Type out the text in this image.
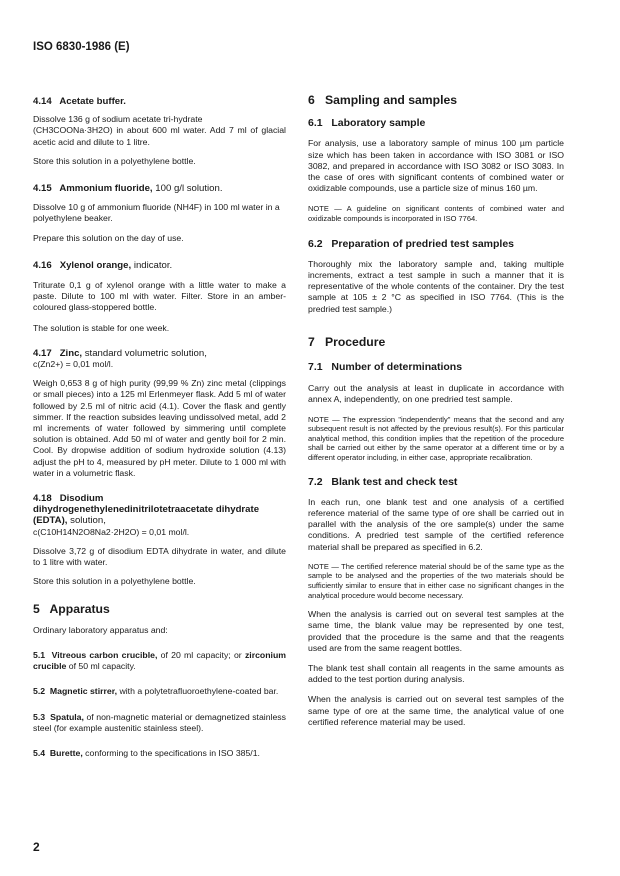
ISO 6830-1986 (E)
4.14 Acetate buffer.

Dissolve 136 g of sodium acetate tri-hydrate
(CH3COONa·3H2O) in about 600 ml water. Add 7 ml of glacial acetic acid and dilute to 1 litre.

Store this solution in a polyethylene bottle.

4.15 Ammonium fluoride, 100 g/l solution.

Dissolve 10 g of ammonium fluoride (NH4F) in 100 ml water in a polyethylene beaker.

Prepare this solution on the day of use.

4.16 Xylenol orange, indicator.

Triturate 0,1 g of xylenol orange with a little water to make a paste. Dilute to 100 ml with water. Filter. Store in an amber-coloured glass-stoppered bottle.

The solution is stable for one week.

4.17 Zinc, standard volumetric solution,

c(Zn2+) = 0,01 mol/l.

Weigh 0,653 8 g of high purity (99,99 % Zn) zinc metal (clippings or small pieces) into a 125 ml Erlenmeyer flask. Add 5 ml of water followed by 2.5 ml of nitric acid (4.1). Cover the flask and gently simmer. If the reaction subsides leaving undissolved metal, add 2 ml increments of water followed by simmering until complete solution is obtained. Add 50 ml of water and gently boil for 2 min. Cool. By dropwise addition of sodium hydroxide solution (4.13) adjust the pH to 4, measured by pH meter. Dilute to 1 000 ml with water in a volumetric flask.

4.18 Disodium dihydrogenethylenedinitrilotetraacetate dihydrate (EDTA), solution,

c(C10H14N2O8Na2·2H2O) = 0,01 mol/l.

Dissolve 3,72 g of disodium EDTA dihydrate in water, and dilute to 1 litre with water.

Store this solution in a polyethylene bottle.

5 Apparatus

Ordinary laboratory apparatus and:

5.1 Vitreous carbon crucible, of 20 ml capacity; or zirconium crucible of 50 ml capacity.

5.2 Magnetic stirrer, with a polytetrafluoroethylene-coated bar.

5.3 Spatula, of non-magnetic material or demagnetized stainless steel (for example austenitic stainless steel).

5.4 Burette, conforming to the specifications in ISO 385/1.

6 Sampling and samples
6.1 Laboratory sample

For analysis, use a laboratory sample of minus 100 µm particle size which has been taken in accordance with ISO 3081 or ISO 3082, and prepared in accordance with ISO 3082 or ISO 3083. In the case of ores with significant contents of combined water or oxidizable compounds, use a particle size of minus 160 µm.

NOTE — A guideline on significant contents of combined water and oxidizable compounds is incorporated in ISO 7764.

6.2 Preparation of predried test samples

Thoroughly mix the laboratory sample and, taking multiple increments, extract a test sample in such a manner that it is representative of the whole contents of the container. Dry the test sample at 105 ± 2 °C as specified in ISO 7764. (This is the predried test sample.)

7 Procedure
7.1 Number of determinations

Carry out the analysis at least in duplicate in accordance with annex A, independently, on one predried test sample.

NOTE — The expression "independently" means that the second and any subsequent result is not affected by the previous result(s). For this particular analytical method, this condition implies that the repetition of the procedure shall be carried out either by the same operator at a different time or by a different operator including, in either case, appropriate recalibration.

7.2 Blank test and check test

In each run, one blank test and one analysis of a certified reference material of the same type of ore shall be carried out in parallel with the analysis of the ore sample(s) under the same conditions. A predried test sample of the certified reference material shall be prepared as specified in 6.2.

NOTE — The certified reference material should be of the same type as the sample to be analysed and the properties of the two materials should be sufficiently similar to ensure that in either case no significant changes in the analytical procedure would become necessary.

When the analysis is carried out on several test samples at the same time, the blank value may be represented by one test, provided that the procedure is the same and that the reagents used are from the same reagent bottles.

The blank test shall contain all reagents in the same amounts as added to the test portion during analysis.

When the analysis is carried out on several test samples of the same type of ore at the same time, the analytical value of one certified reference material may be used.

2
